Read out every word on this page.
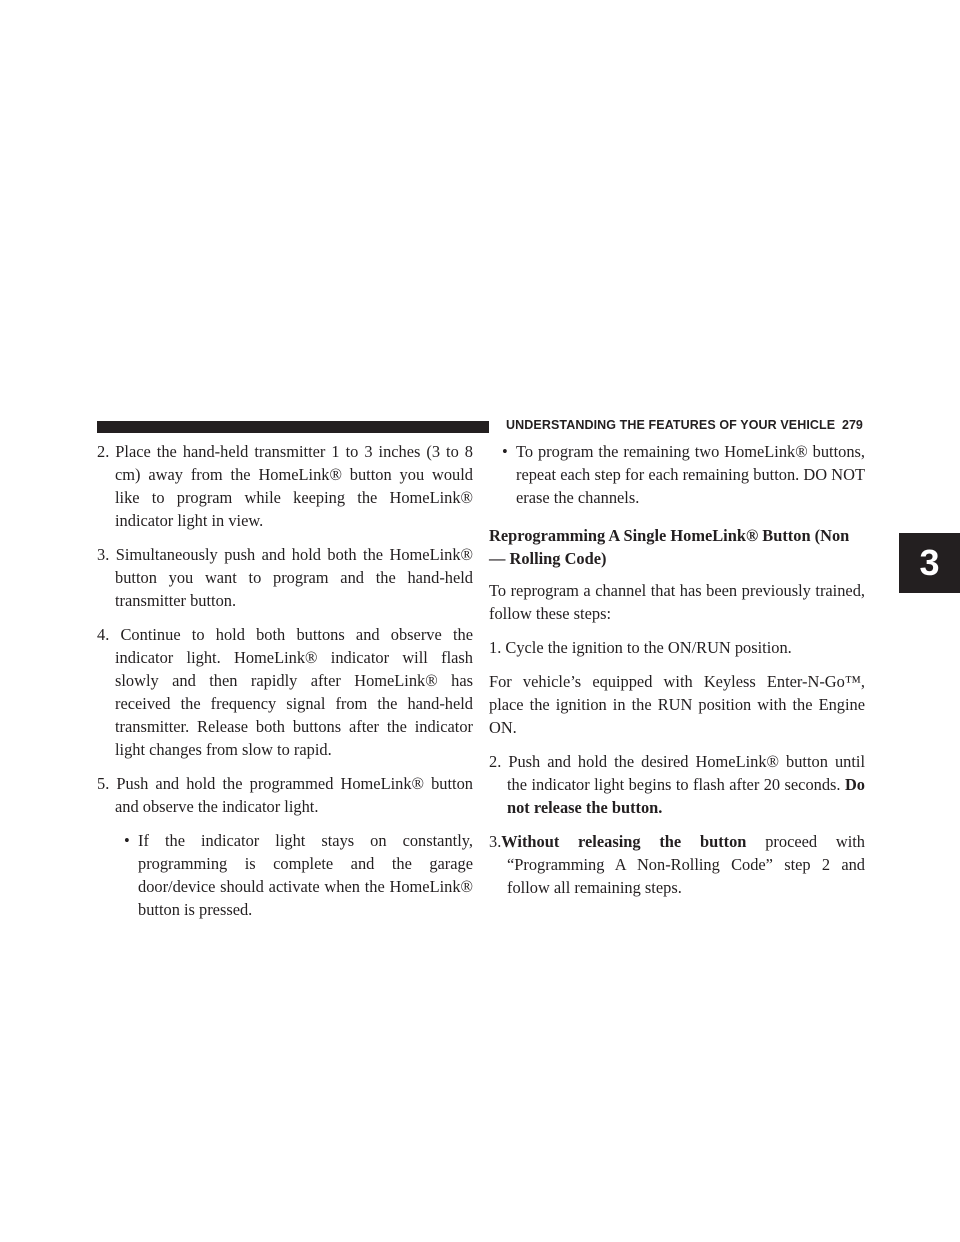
UNDERSTANDING THE FEATURES OF YOUR VEHICLE 279
3

2. Place the hand-held transmitter 1 to 3 inches (3 to 8 cm) away from the HomeLink® button you would like to program while keeping the HomeLink® indicator light in view.

3. Simultaneously push and hold both the HomeLink® button you want to program and the hand-held transmitter button.

4. Continue to hold both buttons and observe the indicator light. HomeLink® indicator will flash slowly and then rapidly after HomeLink® has received the frequency signal from the hand-held transmitter. Release both buttons after the indicator light changes from slow to rapid.

5. Push and hold the programmed HomeLink® button and observe the indicator light.

• If the indicator light stays on constantly, programming is complete and the garage door/device should activate when the HomeLink® button is pressed.

• To program the remaining two HomeLink® buttons, repeat each step for each remaining button. DO NOT erase the channels.

Reprogramming A Single HomeLink® Button (Non — Rolling Code)

To reprogram a channel that has been previously trained, follow these steps:

1. Cycle the ignition to the ON/RUN position.

For vehicle’s equipped with Keyless Enter-N-Go™, place the ignition in the RUN position with the Engine ON.

2. Push and hold the desired HomeLink® button until the indicator light begins to flash after 20 seconds. Do not release the button.

3.Without releasing the button proceed with “Programming A Non-Rolling Code” step 2 and follow all remaining steps.
